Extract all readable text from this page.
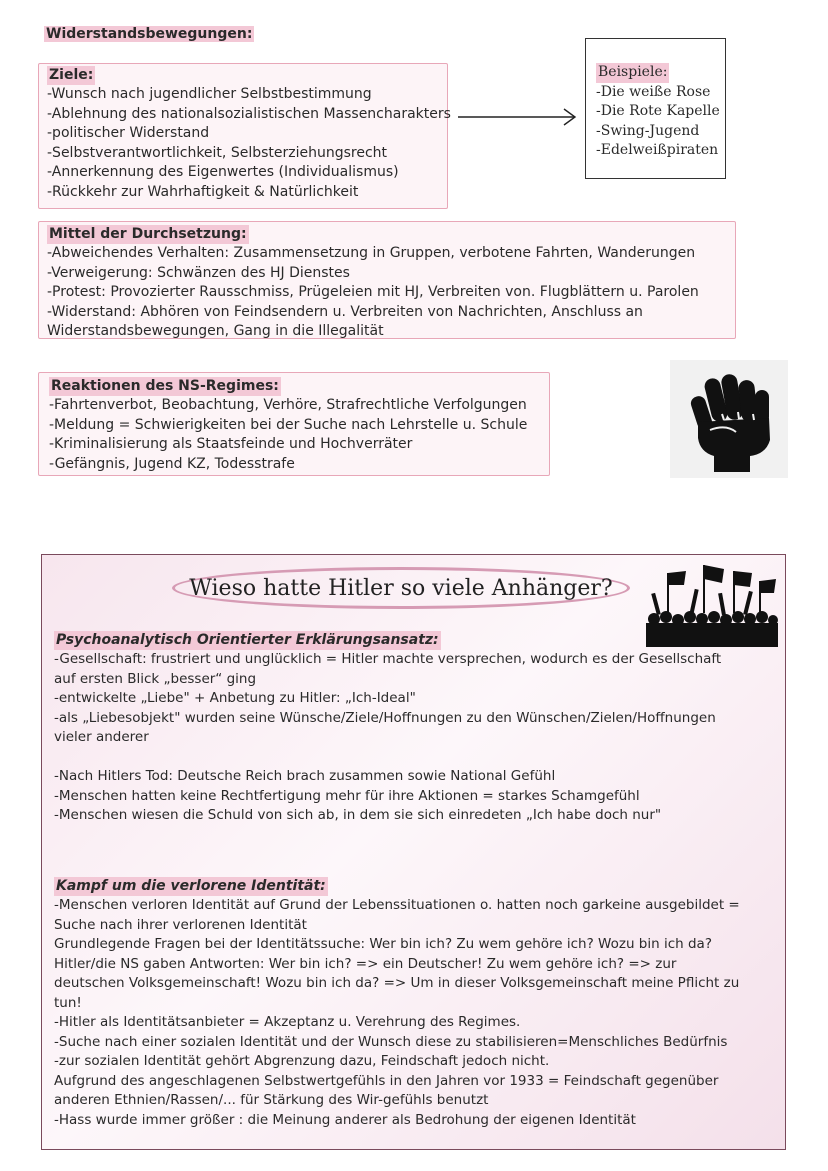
Widerstandsbewegungen:
Ziele:
-Wunsch nach jugendlicher Selbstbestimmung
-Ablehnung des nationalsozialistischen Massencharakters
-politischer Widerstand
-Selbstverantwortlichkeit, Selbsterziehungsrecht
-Annerkennung des Eigenwertes (Individualismus)
-Rückkehr zur Wahrhaftigkeit & Natürlichkeit
Beispiele:
-Die weiße Rose
-Die Rote Kapelle
-Swing-Jugend
-Edelweißpiraten
Mittel der Durchsetzung:
-Abweichendes Verhalten: Zusammensetzung in Gruppen, verbotene Fahrten, Wanderungen
-Verweigerung: Schwänzen des HJ Dienstes
-Protest: Provozierter Rausschmiss, Prügeleien mit HJ, Verbreiten von. Flugblättern u. Parolen
-Widerstand: Abhören von Feindsendern u. Verbreiten von Nachrichten, Anschluss an
Widerstandsbewegungen, Gang in die Illegalität
Reaktionen des NS-Regimes:
-Fahrtenverbot, Beobachtung, Verhöre, Strafrechtliche Verfolgungen
-Meldung = Schwierigkeiten bei der Suche nach Lehrstelle u. Schule
-Kriminalisierung als Staatsfeinde und Hochverräter
-Gefängnis, Jugend KZ, Todesstrafe
Wieso hatte Hitler so viele Anhänger?
Psychoanalytisch Orientierter Erklärungsansatz:
-Gesellschaft: frustriert und unglücklich = Hitler machte versprechen, wodurch es der Gesellschaft
auf ersten Blick „besser“ ging
-entwickelte „Liebe" + Anbetung zu Hitler: „Ich-Ideal"
-als „Liebesobjekt" wurden seine Wünsche/Ziele/Hoffnungen zu den Wünschen/Zielen/Hoffnungen
vieler anderer

-Nach Hitlers Tod: Deutsche Reich brach zusammen sowie National Gefühl
-Menschen hatten keine Rechtfertigung mehr für ihre Aktionen = starkes Schamgefühl
-Menschen wiesen die Schuld von sich ab, in dem sie sich einredeten „Ich habe doch nur"
Kampf um die verlorene Identität:
-Menschen verloren Identität auf Grund der Lebenssituationen o. hatten noch garkeine ausgebildet =
Suche nach ihrer verlorenen Identität
Grundlegende Fragen bei der Identitätssuche: Wer bin ich? Zu wem gehöre ich? Wozu bin ich da?
Hitler/die NS gaben Antworten: Wer bin ich? => ein Deutscher! Zu wem gehöre ich? => zur
deutschen Volksgemeinschaft! Wozu bin ich da? => Um in dieser Volksgemeinschaft meine Pflicht zu
tun!
-Hitler als Identitätsanbieter = Akzeptanz u. Verehrung des Regimes.
-Suche nach einer sozialen Identität und der Wunsch diese zu stabilisieren=Menschliches Bedürfnis
-zur sozialen Identität gehört Abgrenzung dazu, Feindschaft jedoch nicht.
Aufgrund des angeschlagenen Selbstwertgefühls in den Jahren vor 1933 = Feindschaft gegenüber
anderen Ethnien/Rassen/... für Stärkung des Wir-gefühls benutzt
-Hass wurde immer größer : die Meinung anderer als Bedrohung der eigenen Identität
